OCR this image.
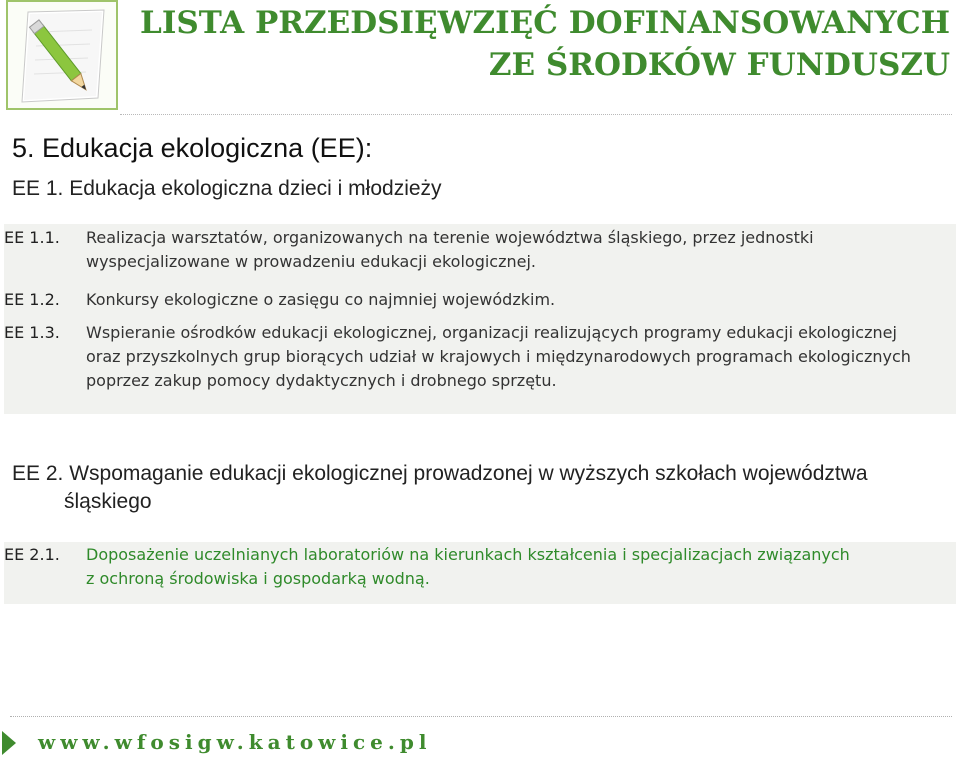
LISTA PRZEDSIĘWZIĘĆ DOFINANSOWANYCH
ZE ŚRODKÓW FUNDUSZU
5. Edukacja ekologiczna (EE):
EE 1. Edukacja ekologiczna dzieci i młodzieży
EE 1.1.	Realizacja warsztatów, organizowanych na terenie województwa śląskiego, przez jednostki
wyspecjalizowane w prowadzeniu edukacji ekologicznej.
EE 1.2.	Konkursy ekologiczne o zasięgu co najmniej wojewódzkim.
EE 1.3.	Wspieranie ośrodków edukacji ekologicznej, organizacji realizujących programy edukacji ekologicznej
oraz przyszkolnych grup biorących udział w krajowych i międzynarodowych programach ekologicznych
poprzez zakup pomocy dydaktycznych i drobnego sprzętu.
EE 2. Wspomaganie edukacji ekologicznej prowadzonej w wyższych szkołach województwa
śląskiego
EE 2.1.	Doposażenie uczelnianych laboratoriów na kierunkach kształcenia i specjalizacjach związanych
z ochroną środowiska i gospodarką wodną.
www.wfosigw.katowice.pl
